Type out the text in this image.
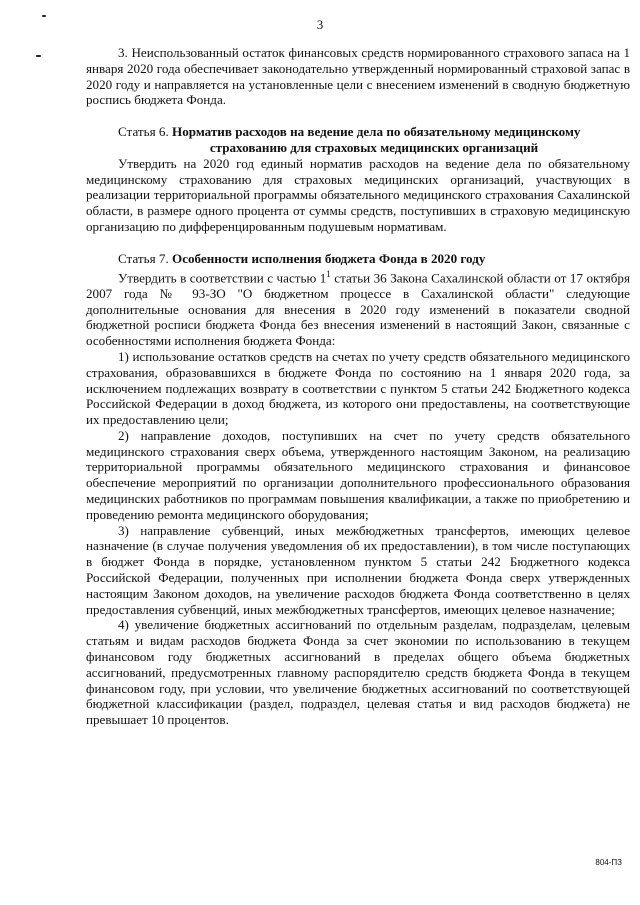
3

3. Неиспользованный остаток финансовых средств нормированного страхового запаса на 1 января 2020 года обеспечивает законодательно утвержденный нормированный страховой запас в 2020 году и направляется на установленные цели с внесением изменений в сводную бюджетную роспись бюджета Фонда.

Статья 6. Норматив расходов на ведение дела по обязательному медицинскому
страхованию для страховых медицинских организаций

Утвердить на 2020 год единый норматив расходов на ведение дела по обязательному медицинскому страхованию для страховых медицинских организаций, участвующих в реализации территориальной программы обязательного медицинского страхования Сахалинской области, в размере одного процента от суммы средств, поступивших в страховую медицинскую организацию по дифференцированным подушевым нормативам.

Статья 7. Особенности исполнения бюджета Фонда в 2020 году

Утвердить в соответствии с частью $1^1$ статьи 36 Закона Сахалинской области от 17 октября 2007 года № 93-ЗО "О бюджетном процессе в Сахалинской области" следующие дополнительные основания для внесения в 2020 году изменений в показатели сводной бюджетной росписи бюджета Фонда без внесения изменений в настоящий Закон, связанные с особенностями исполнения бюджета Фонда:

1) использование остатков средств на счетах по учету средств обязательного медицинского страхования, образовавшихся в бюджете Фонда по состоянию на 1 января 2020 года, за исключением подлежащих возврату в соответствии с пунктом 5 статьи 242 Бюджетного кодекса Российской Федерации в доход бюджета, из которого они предоставлены, на соответствующие их предоставлению цели;

2) направление доходов, поступивших на счет по учету средств обязательного медицинского страхования сверх объема, утвержденного настоящим Законом, на реализацию территориальной программы обязательного медицинского страхования и финансовое обеспечение мероприятий по организации дополнительного профессионального образования медицинских работников по программам повышения квалификации, а также по приобретению и проведению ремонта медицинского оборудования;

3) направление субвенций, иных межбюджетных трансфертов, имеющих целевое назначение (в случае получения уведомления об их предоставлении), в том числе поступающих в бюджет Фонда в порядке, установленном пунктом 5 статьи 242 Бюджетного кодекса Российской Федерации, полученных при исполнении бюджета Фонда сверх утвержденных настоящим Законом доходов, на увеличение расходов бюджета Фонда соответственно в целях предоставления субвенций, иных межбюджетных трансфертов, имеющих целевое назначение;

4) увеличение бюджетных ассигнований по отдельным разделам, подразделам, целевым статьям и видам расходов бюджета Фонда за счет экономии по использованию в текущем финансовом году бюджетных ассигнований в пределах общего объема бюджетных ассигнований, предусмотренных главному распорядителю средств бюджета Фонда в текущем финансовом году, при условии, что увеличение бюджетных ассигнований по соответствующей бюджетной классификации (раздел, подраздел, целевая статья и вид расходов бюджета) не превышает 10 процентов.

804-ПЗ
